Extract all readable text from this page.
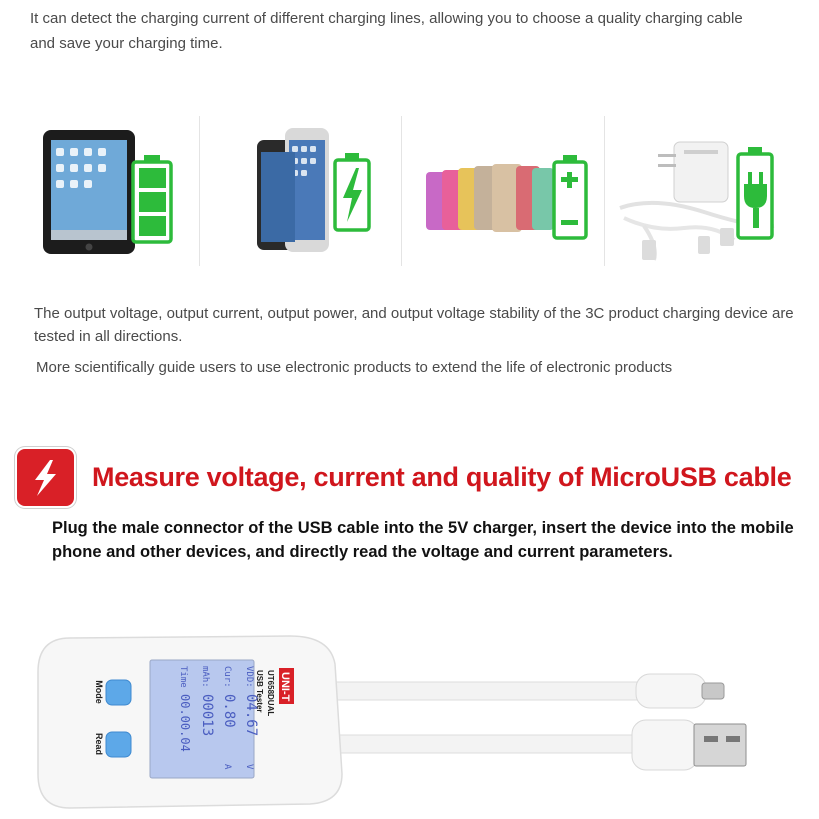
It can detect the charging current of different charging lines, allowing you to choose a quality charging cable and save your charging time.
The output voltage, output current, output power, and output voltage stability of the 3C product charging device are tested in all directions.
More scientifically guide users to use electronic products to extend the life of electronic products
Measure voltage, current and quality of MicroUSB cable
Plug the male connector of the USB cable into the 5V charger, insert the device into the mobile phone and other devices, and directly read the voltage and current parameters.
Mode
Read
VDD:
04.67
V
Cur:
0.80
A
mAh:
00013
Time
00.00.04
UNI-T
UT658DUAL
USB Tester
